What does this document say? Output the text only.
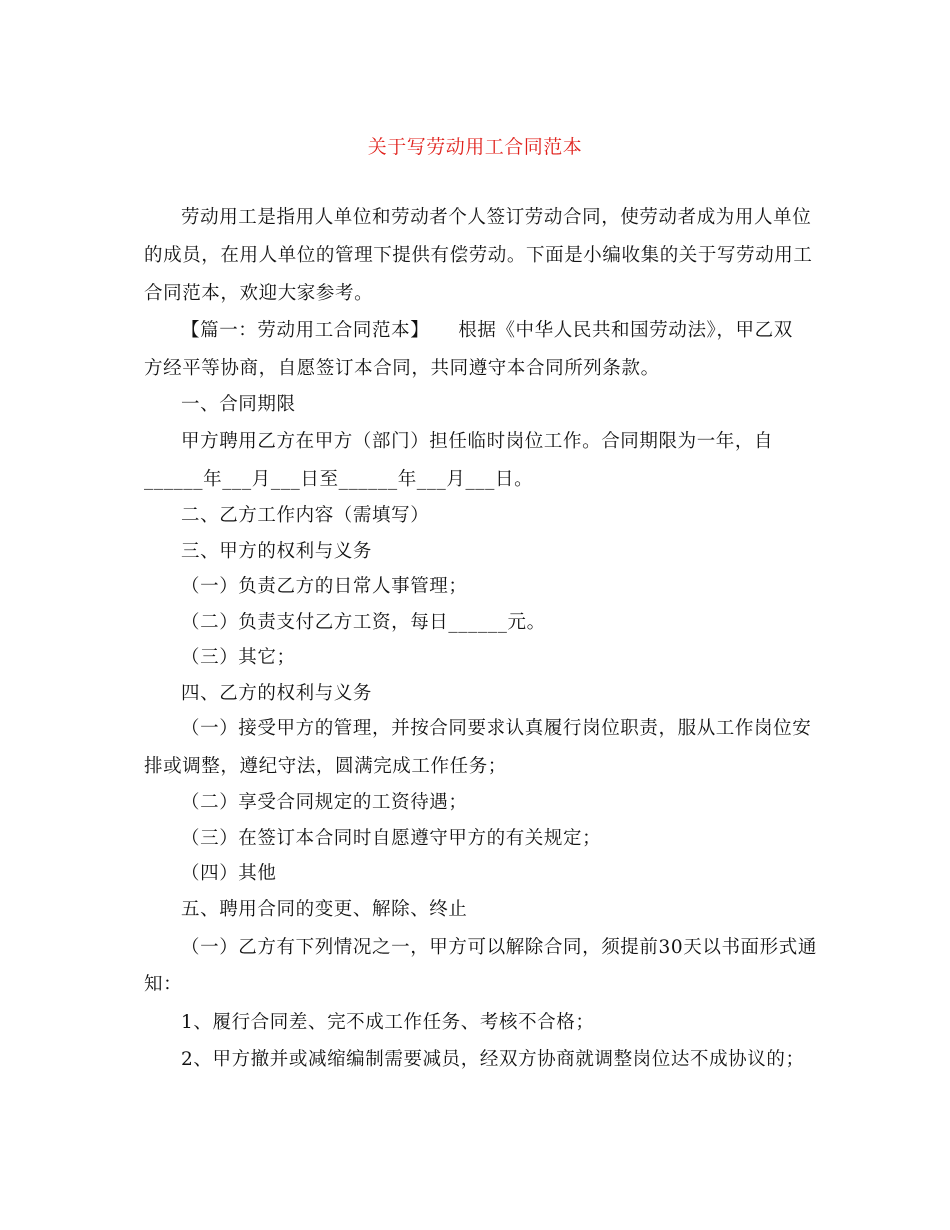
关于写劳动用工合同范本
劳动用工是指用人单位和劳动者个人签订劳动合同，使劳动者成为用人单位
的成员，在用人单位的管理下提供有偿劳动。下面是小编收集的关于写劳动用工
合同范本，欢迎大家参考。
【篇一：劳动用工合同范本】　　根据《中华人民共和国劳动法》，甲乙双
方经平等协商，自愿签订本合同，共同遵守本合同所列条款。
一、合同期限
甲方聘用乙方在甲方（部门）担任临时岗位工作。合同期限为一年，自
______年___月___日至______年___月___日。
二、乙方工作内容（需填写）
三、甲方的权利与义务
（一）负责乙方的日常人事管理；
（二）负责支付乙方工资，每日______元。
（三）其它；
四、乙方的权利与义务
（一）接受甲方的管理，并按合同要求认真履行岗位职责，服从工作岗位安
排或调整，遵纪守法，圆满完成工作任务；
（二）享受合同规定的工资待遇；
（三）在签订本合同时自愿遵守甲方的有关规定；
（四）其他
五、聘用合同的变更、解除、终止
（一）乙方有下列情况之一，甲方可以解除合同，须提前30天以书面形式通
知：
1、履行合同差、完不成工作任务、考核不合格；
2、甲方撤并或减缩编制需要减员，经双方协商就调整岗位达不成协议的；
